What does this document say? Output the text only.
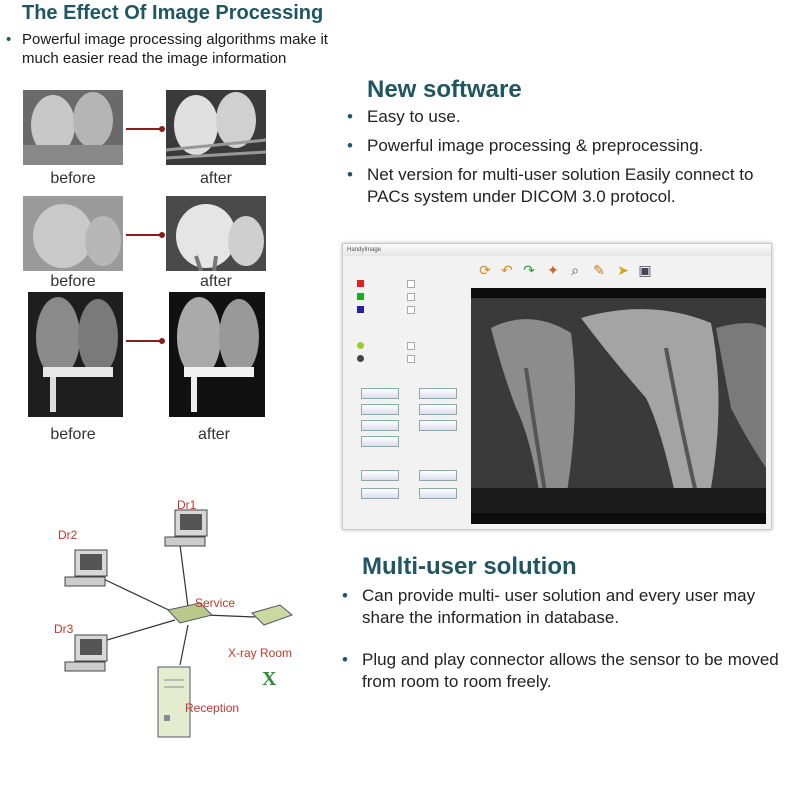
The Effect Of Image Processing
• Powerful image processing algorithms make it
much easier read the image information
before	after
before	after
before	after
New software
• Easy to use.
• Powerful image processing & preprocessing.
• Net version for multi-user solution Easily connect to PACs system under DICOM 3.0 protocol.
HandyImage
⟳ ↶ ↷ ✦ ⌕ ✎ ➤ ▣
Multi-user solution
• Can provide multi- user solution and every user may share the information in database.
• Plug and play connector allows the sensor to be moved from room to room freely.
Dr1
Dr2
Dr3
Service
X-ray Room
X
Reception
